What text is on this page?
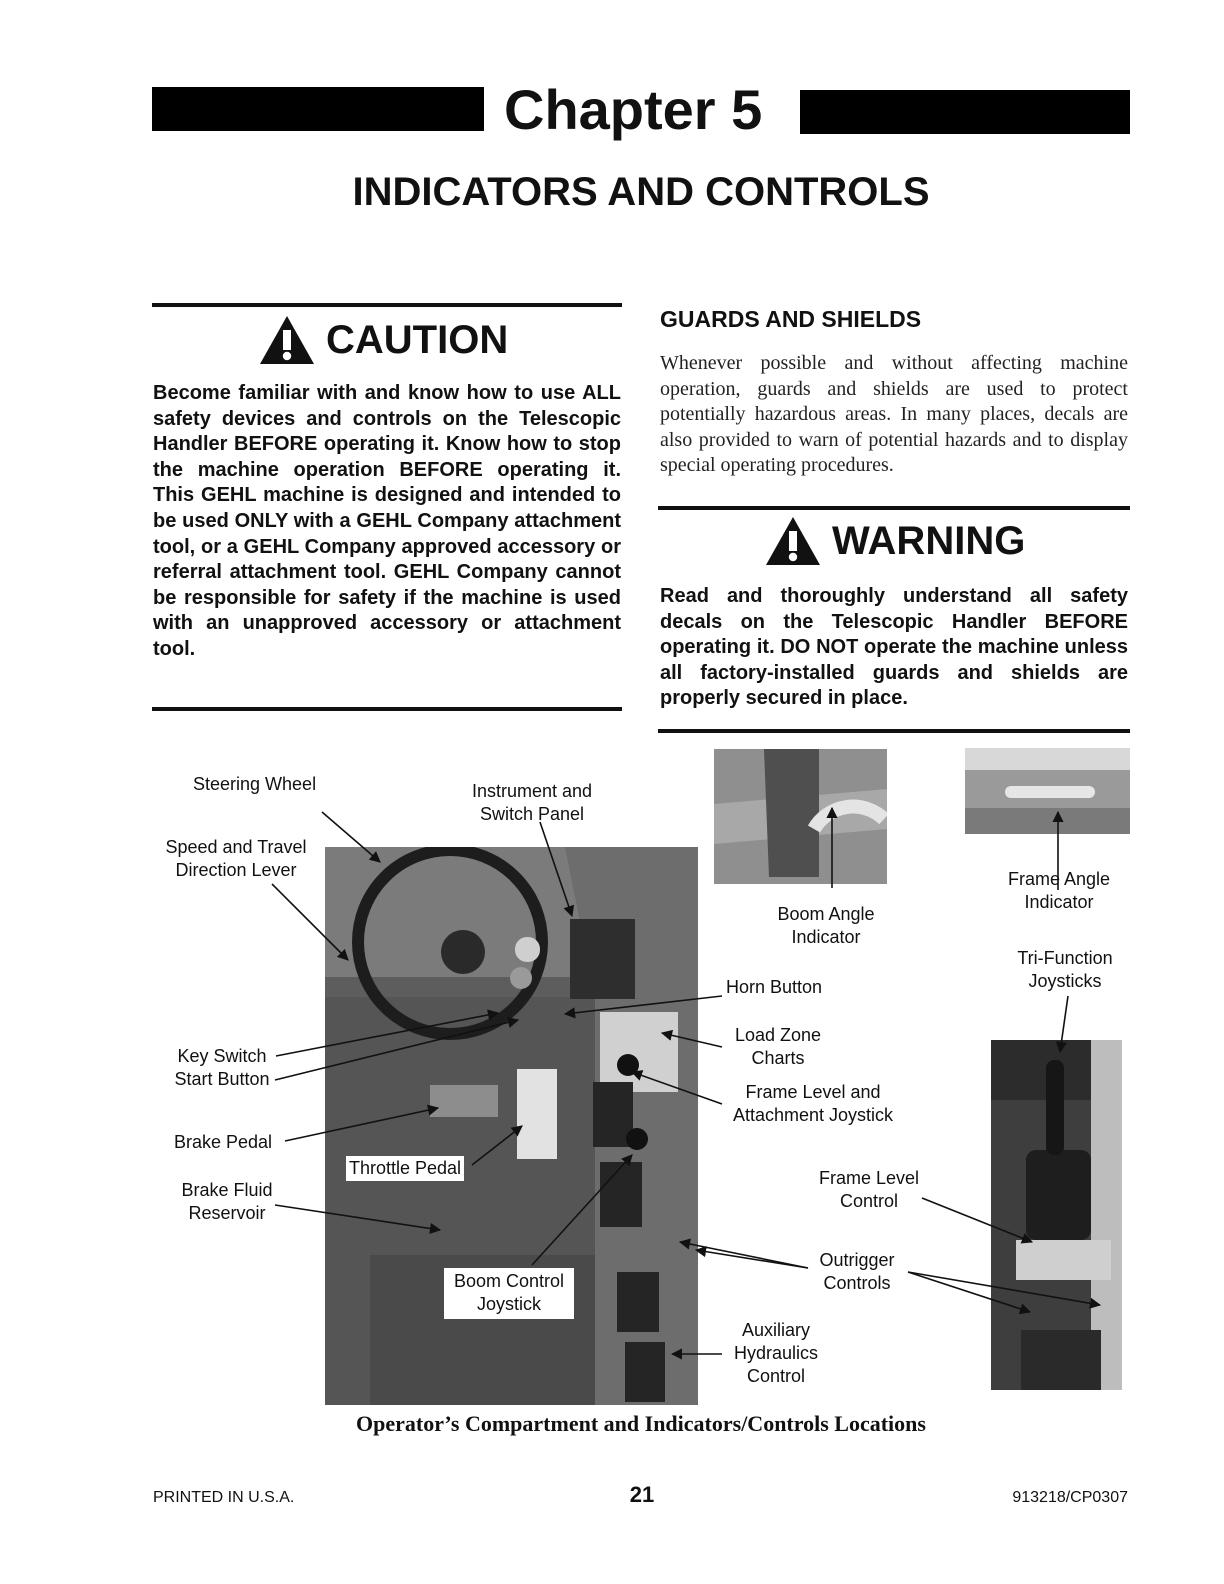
Chapter 5
INDICATORS AND CONTROLS
CAUTION
Become familiar with and know how to use ALL safety devices and controls on the Telescopic Handler BEFORE operating it. Know how to stop the machine operation BEFORE operating it. This GEHL machine is designed and intended to be used ONLY with a GEHL Company attachment tool, or a GEHL Company approved accessory or referral attachment tool. GEHL Company cannot be responsible for safety if the machine is used with an unapproved accessory or attachment tool.
GUARDS AND SHIELDS
Whenever possible and without affecting machine operation, guards and shields are used to protect potentially hazardous areas. In many places, decals are also provided to warn of potential hazards and to display special operating procedures.
WARNING
Read and thoroughly understand all safety decals on the Telescopic Handler BEFORE operating it. DO NOT operate the machine unless all factory-installed guards and shields are properly secured in place.
Steering Wheel	Instrument and
Switch Panel
Speed and Travel
Direction Lever
Boom Angle
Indicator
Frame Angle
Indicator
Tri-Function
Joysticks
Horn Button
Load Zone
Charts
Key Switch
Start Button
Frame Level and
Attachment Joystick
Brake Pedal
Throttle Pedal
Brake Fluid
Reservoir
Frame Level
Control
Outrigger
Controls
Boom Control
Joystick
Auxiliary
Hydraulics
Control
Operator’s Compartment and Indicators/Controls Locations
PRINTED IN U.S.A.	21	913218/CP0307
